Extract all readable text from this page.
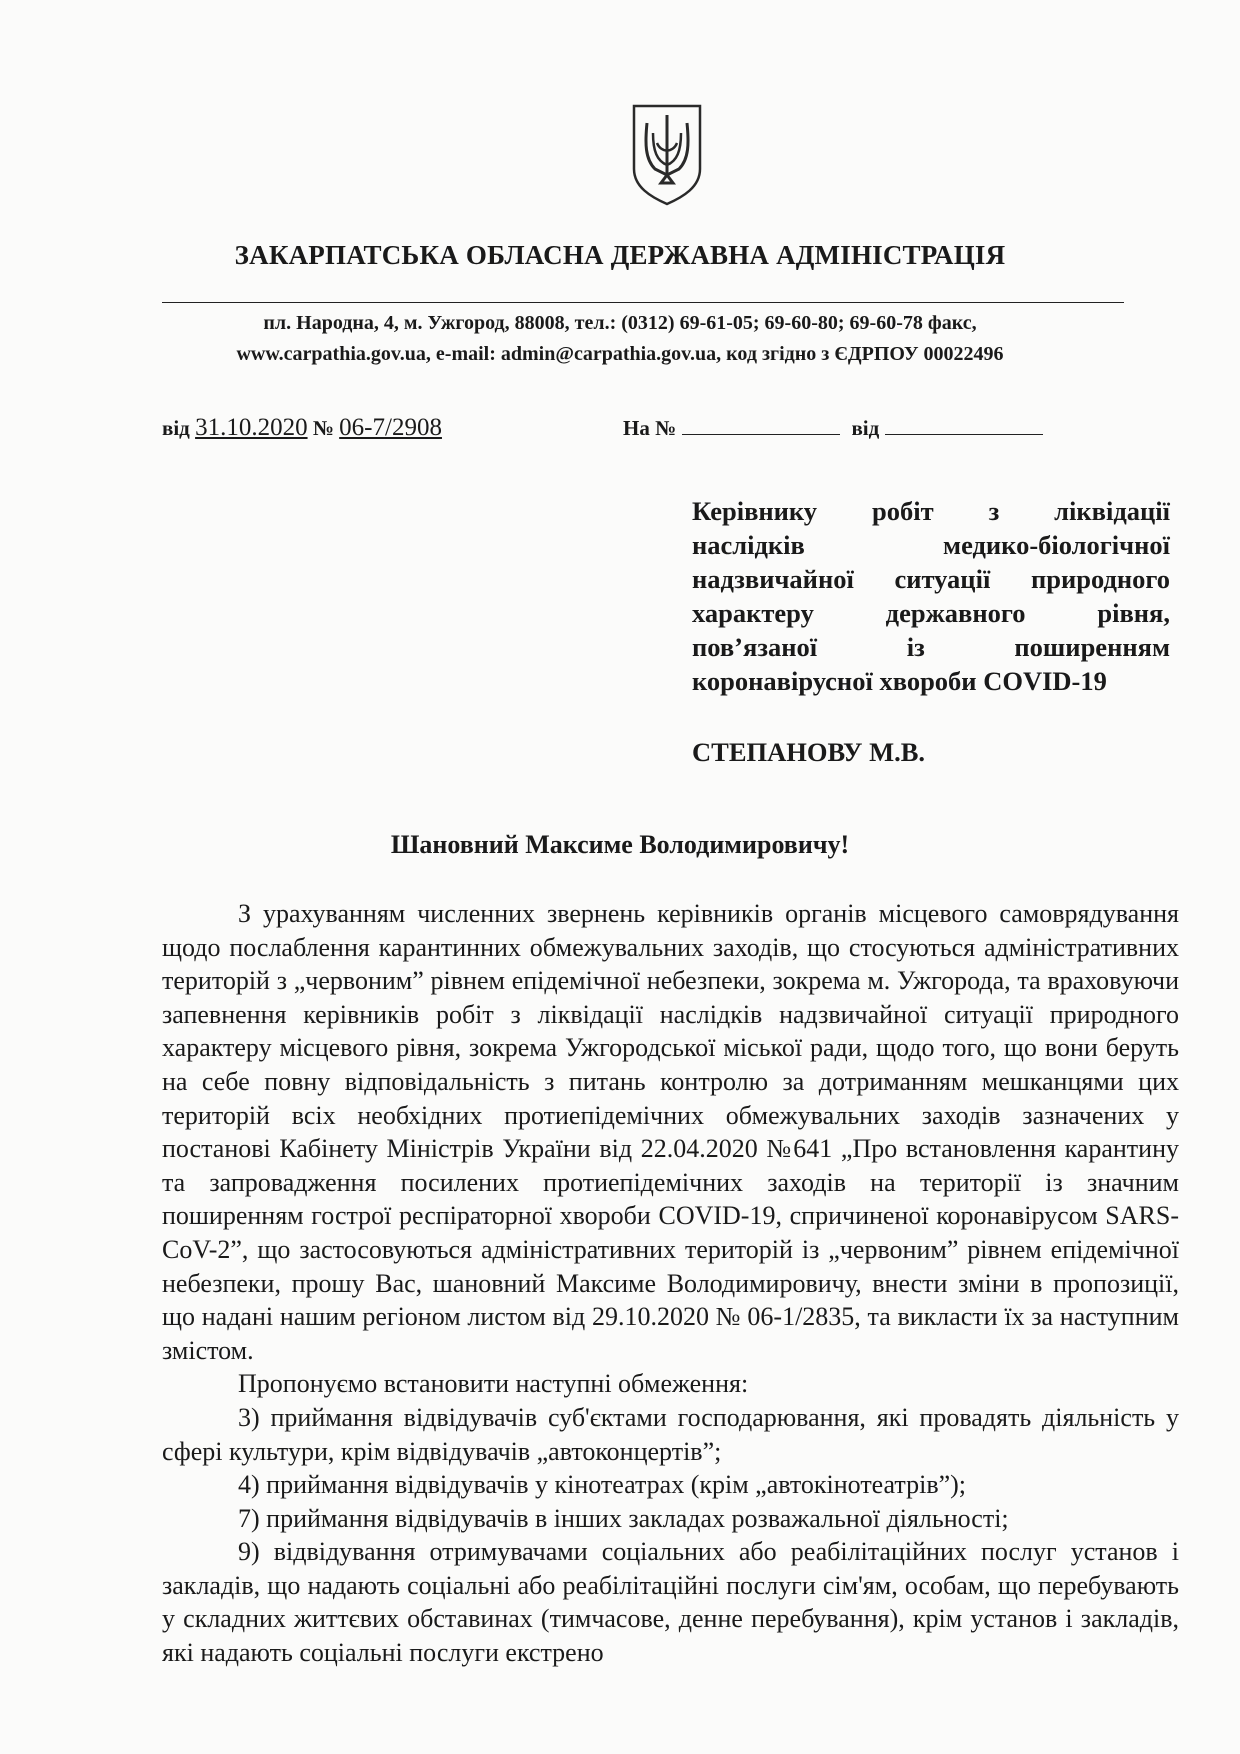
ЗАКАРПАТСЬКА ОБЛАСНА ДЕРЖАВНА АДМІНІСТРАЦІЯ
пл. Народна, 4, м. Ужгород, 88008, тел.: (0312) 69-61-05; 69-60-80; 69-60-78 факс,
www.carpathia.gov.ua, e-mail: admin@carpathia.gov.ua, код згідно з ЄДРПОУ 00022496
від 31.10.2020 № 06-7/2908	На №	від
Керівнику робіт з ліквідації
наслідків медико-біологічної
надзвичайної ситуації природного
характеру державного рівня,
пов’язаної із поширенням
коронавірусної хвороби COVID-19
СТЕПАНОВУ М.В.
Шановний Максиме Володимировичу!

З урахуванням численних звернень керівників органів місцевого самоврядування щодо послаблення карантинних обмежувальних заходів, що стосуються адміністративних територій з „червоним” рівнем епідемічної небезпеки, зокрема м. Ужгорода, та враховуючи запевнення керівників робіт з ліквідації наслідків надзвичайної ситуації природного характеру місцевого рівня, зокрема Ужгородської міської ради, щодо того, що вони беруть на себе повну відповідальність з питань контролю за дотриманням мешканцями цих територій всіх необхідних протиепідемічних обмежувальних заходів зазначених у постанові Кабінету Міністрів України від 22.04.2020 №641 „Про встановлення карантину та запровадження посилених протиепідемічних заходів на території із значним поширенням гострої респіраторної хвороби COVID-19, спричиненої коронавірусом SARS-CoV-2”, що застосовуються адміністративних територій із „червоним” рівнем епідемічної небезпеки, прошу Вас, шановний Максиме Володимировичу, внести зміни в пропозиції, що надані нашим регіоном листом від 29.10.2020 № 06-1/2835, та викласти їх за наступним змістом.

Пропонуємо встановити наступні обмеження:

3) приймання відвідувачів суб'єктами господарювання, які провадять діяльність у сфері культури, крім відвідувачів „автоконцертів”;

4) приймання відвідувачів у кінотеатрах (крім „автокінотеатрів”);

7) приймання відвідувачів в інших закладах розважальної діяльності;

9) відвідування отримувачами соціальних або реабілітаційних послуг установ і закладів, що надають соціальні або реабілітаційні послуги сім'ям, особам, що перебувають у складних життєвих обставинах (тимчасове, денне перебування), крім установ і закладів, які надають соціальні послуги екстрено
